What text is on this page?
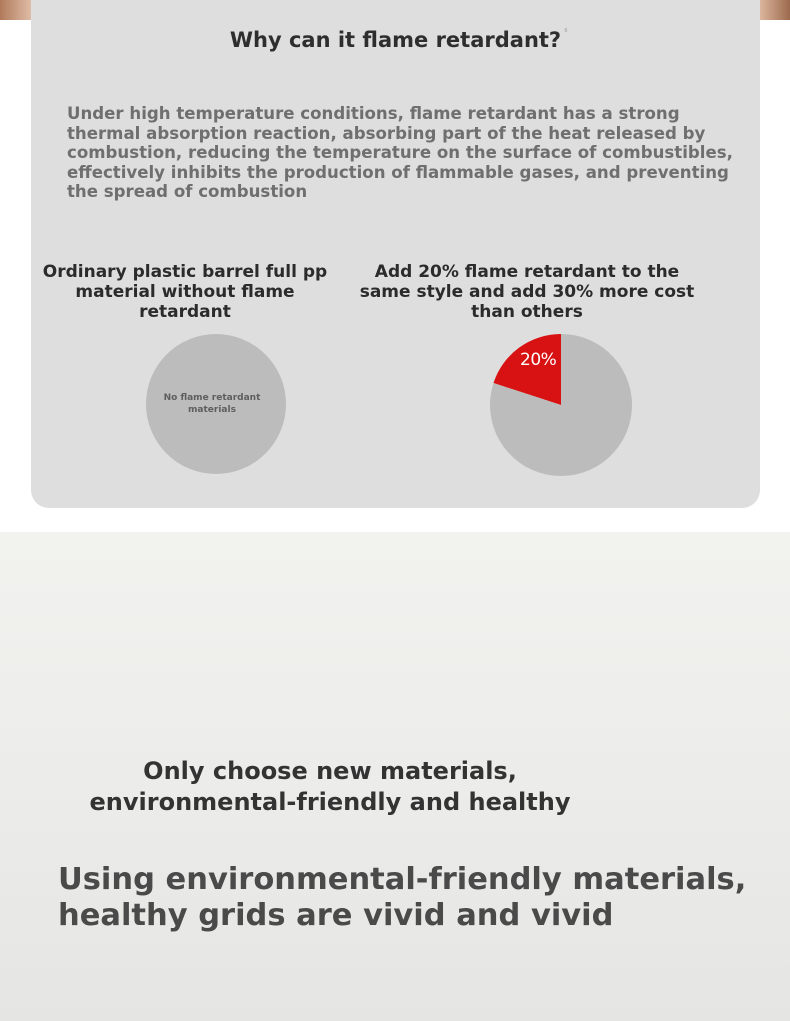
Why can it flame retardant? ˢ
Under high temperature conditions, flame retardant has a strong thermal absorption reaction, absorbing part of the heat released by combustion, reducing the temperature on the surface of combustibles, effectively inhibits the production of flammable gases, and preventing the spread of combustion
Ordinary plastic barrel full pp material without flame retardant
Add 20% flame retardant to the same style and add 30% more cost than others
No flame retardant materials
20%
Only choose new materials, environmental-friendly and healthy
Using environmental-friendly materials, healthy grids are vivid and vivid
